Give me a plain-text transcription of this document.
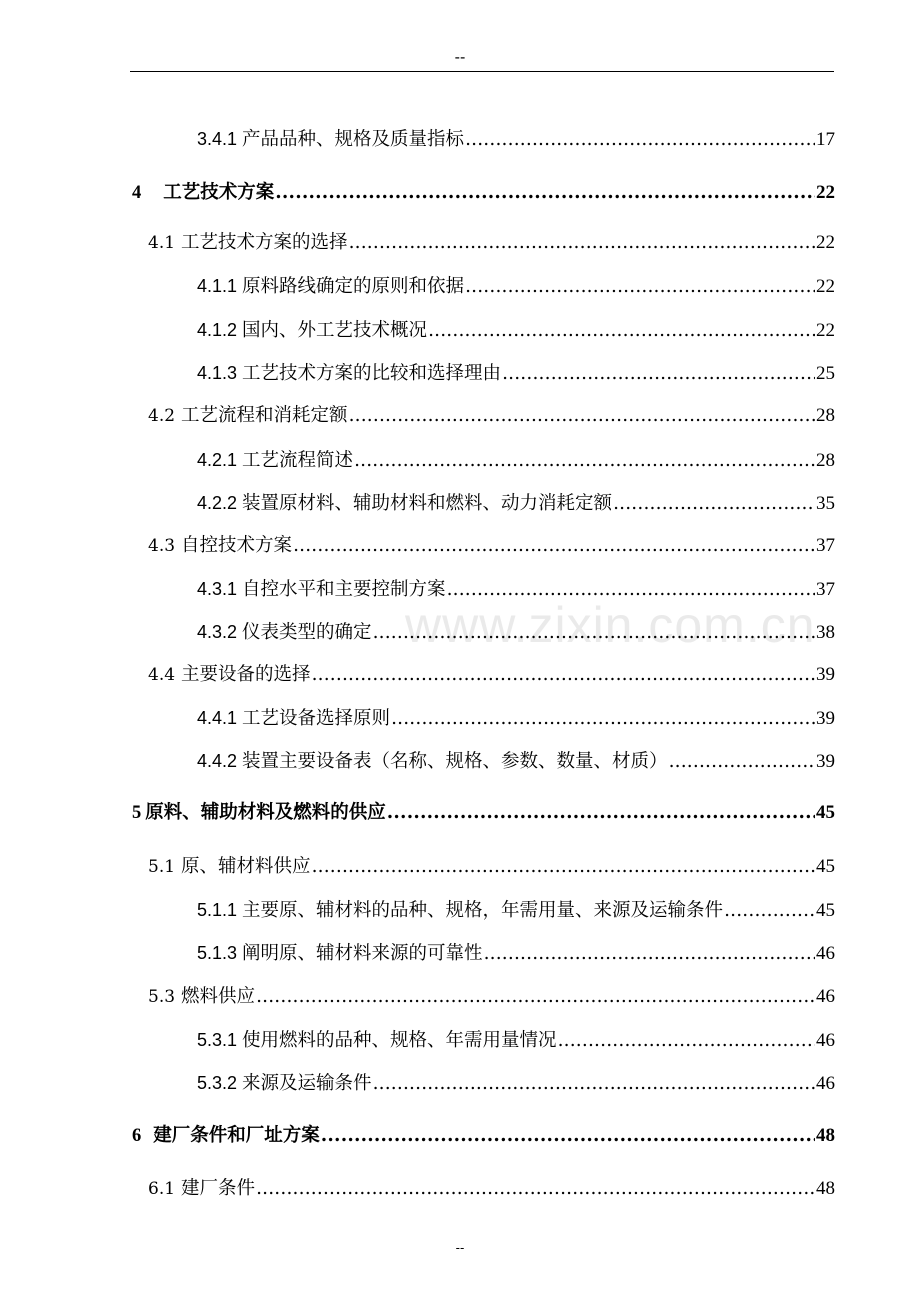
--
www.zixin.com.cn
3.4.1 产品品种、规格及质量指标 .....	17
4 工艺技术方案 .....	22
4.1 工艺技术方案的选择 .....	22
4.1.1 原料路线确定的原则和依据 .....	22
4.1.2 国内、外工艺技术概况 .....	22
4.1.3 工艺技术方案的比较和选择理由 .....	25
4.2 工艺流程和消耗定额 .....	28
4.2.1 工艺流程简述 .....	28
4.2.2 装置原材料、辅助材料和燃料、动力消耗定额 .....	35
4.3 自控技术方案 .....	37
4.3.1 自控水平和主要控制方案 .....	37
4.3.2 仪表类型的确定 .....	38
4.4 主要设备的选择 .....	39
4.4.1 工艺设备选择原则 .....	39
4.4.2 装置主要设备表（名称、规格、参数、数量、材质） .....	39
5 原料、辅助材料及燃料的供应 .....	45
5.1 原、辅材料供应 .....	45
5.1.1 主要原、辅材料的品种、规格，年需用量、来源及运输条件 .....	45
5.1.3 阐明原、辅材料来源的可靠性 .....	46
5.3 燃料供应 .....	46
5.3.1 使用燃料的品种、规格、年需用量情况 .....	46
5.3.2 来源及运输条件 .....	46
6 建厂条件和厂址方案 .....	48
6.1 建厂条件 .....	48
--
